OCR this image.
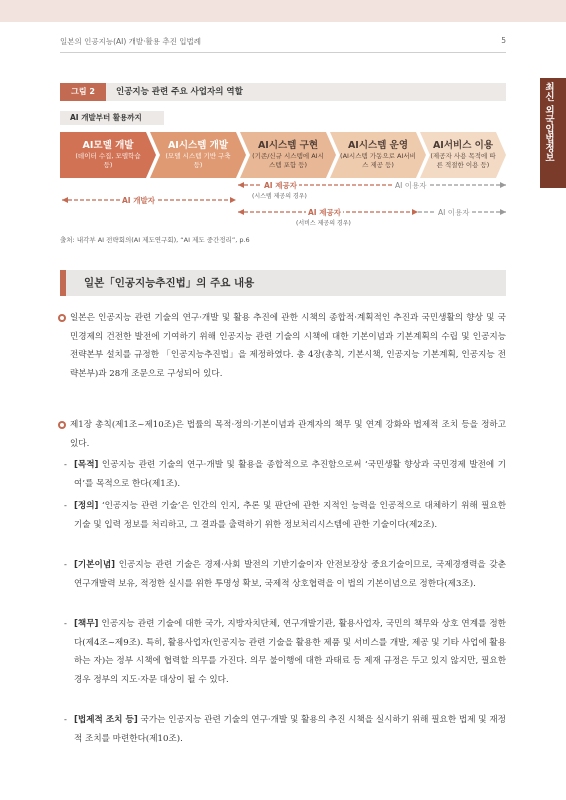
일본의 인공지능(AI) 개발·활용 추진 입법례	5
최신
외국입법정보
그림 2	인공지능 관련 주요 사업자의 역할
AI 개발부터 활용까지
AI모델 개발
(데이터 수집, 모델학습 등)
AI시스템 개발
(모델 시스템 기반 구축 등)
AI시스템 구현
(기존/신규 시스템에 AI시스템 포함 등)
AI시스템 운영
(AI시스템 가동으로 AI서비스 제공 등)
AI서비스 이용
(제공자 사용 목적에 따른 적절한 이용 등)
AI 제공자
(시스템 제공의 경우)
AI 이용자
AI 개발자
AI 제공자
(서비스 제공의 경우)
AI 이용자
출처: 내각부 AI 전략회의(AI 제도연구회), “AI 제도 중간정리”, p.6
일본「인공지능추진법」의 주요 내용

일본은 인공지능 관련 기술의 연구·개발 및 활용 추진에 관한 시책의 종합적·계획적인 추진과 국민생활의 향상 및 국민경제의 건전한 발전에 기여하기 위해 인공지능 관련 기술의 시책에 대한 기본이념과 기본계획의 수립 및 인공지능 전략본부 설치를 규정한 「인공지능추진법」을 제정하였다. 총 4장(총칙, 기본시책, 인공지능 기본계획, 인공지능 전략본부)과 28개 조문으로 구성되어 있다.

제1장 총칙(제1조~제10조)은 법률의 목적·정의·기본이념과 관계자의 책무 및 연계 강화와 법제적 조치 등을 정하고 있다.

- [목적] 인공지능 관련 기술의 연구·개발 및 활용을 종합적으로 추진함으로써 ‘국민생활 향상과 국민경제 발전에 기여’를 목적으로 한다(제1조).
- [정의] ‘인공지능 관련 기술’은 인간의 인지, 추론 및 판단에 관한 지적인 능력을 인공적으로 대체하기 위해 필요한 기술 및 입력 정보를 처리하고, 그 결과를 출력하기 위한 정보처리시스템에 관한 기술이다(제2조).
- [기본이념] 인공지능 관련 기술은 경제·사회 발전의 기반기술이자 안전보장상 중요기술이므로, 국제경쟁력을 갖춘 연구개발력 보유, 적정한 실시를 위한 투명성 확보, 국제적 상호협력을 이 법의 기본이념으로 정한다(제3조).
- [책무] 인공지능 관련 기술에 대한 국가, 지방자치단체, 연구개발기관, 활용사업자, 국민의 책무와 상호 연계를 정한다(제4조~제9조). 특히, 활용사업자(인공지능 관련 기술을 활용한 제품 및 서비스를 개발, 제공 및 기타 사업에 활용하는 자)는 정부 시책에 협력할 의무를 가진다. 의무 불이행에 대한 과태료 등 제재 규정은 두고 있지 않지만, 필요한 경우 정부의 지도·자문 대상이 될 수 있다.
- [법제적 조치 등] 국가는 인공지능 관련 기술의 연구·개발 및 활용의 추진 시책을 실시하기 위해 필요한 법제 및 재정적 조치를 마련한다(제10조).
